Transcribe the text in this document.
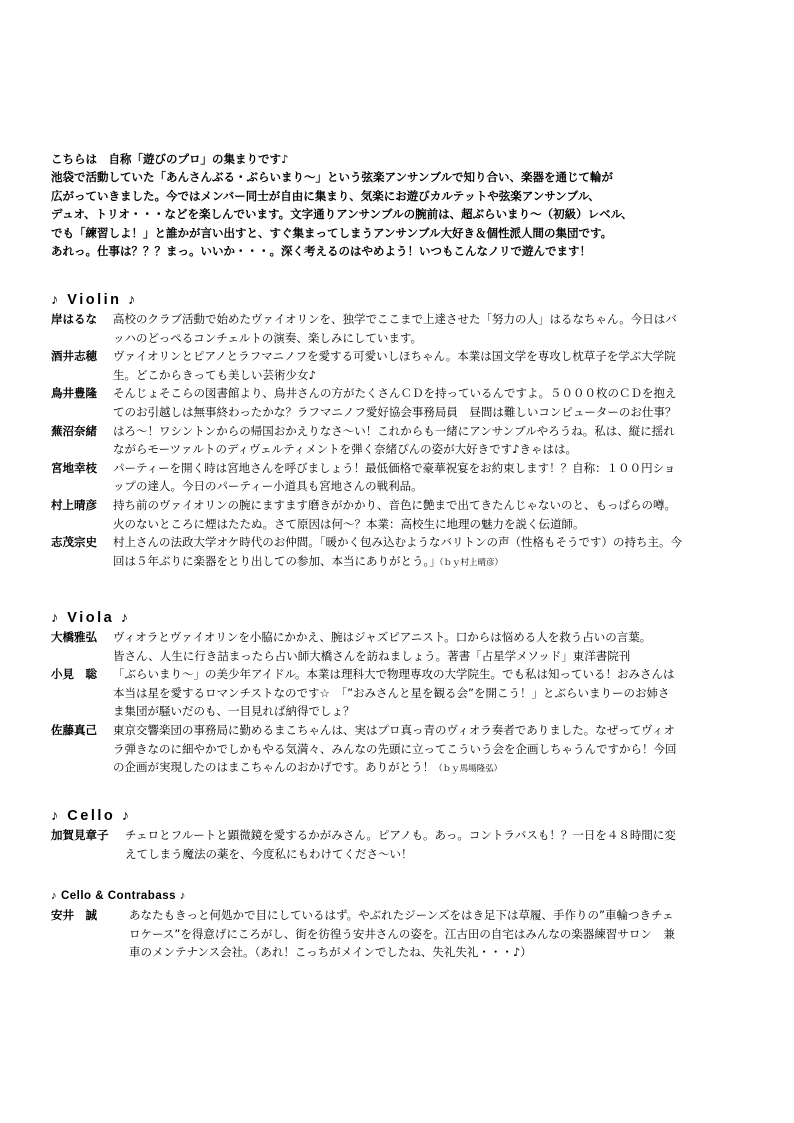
こちらは　自称「遊びのプロ」の集まりです♪
池袋で活動していた「あんさんぶる・ぶらいまり〜」という弦楽アンサンブルで知り合い、楽器を通じて輪が
広がっていきました。今ではメンバー同士が自由に集まり、気楽にお遊びカルテットや弦楽アンサンブル、
デュオ、トリオ・・・などを楽しんでいます。文字通りアンサンブルの腕前は、超ぶらいまり〜（初級）レベル、
でも「練習しよ！」と誰かが言い出すと、すぐ集まってしまうアンサンブル大好き＆個性派人間の集団です。
あれっ。仕事は？？？まっ。いいか・・・。深く考えるのはやめよう！いつもこんなノリで遊んでます！
♪ Violin ♪
岸はるな 高校のクラブ活動で始めたヴァイオリンを、独学でここまで上達させた「努力の人」はるなちゃん。今日はバ
ッハのどっぺるコンチェルトの演奏、楽しみにしています。
酒井志穂 ヴァイオリンとピアノとラフマニノフを愛する可愛いしほちゃん。本業は国文学を専攻し枕草子を学ぶ大学院
生。どこからきっても美しい芸術少女♪
鳥井豊隆 そんじょそこらの図書館より、鳥井さんの方がたくさんＣＤを持っているんですよ。５０００枚のＣＤを抱え
てのお引越しは無事終わったかな？ラフマニノフ愛好協会事務局員　昼間は難しいコンピューターのお仕事？
蕪沼奈緒 はろ〜！ワシントンからの帰国おかえりなさ〜い！これからも一緒にアンサンブルやろうね。私は、縦に揺れ
ながらモーツァルトのディヴェルティメントを弾く奈緒ぴんの姿が大好きです♪きゃはは。
宮地幸枝 パーティーを開く時は宮地さんを呼びましょう！最低価格で豪華祝宴をお約束します！？自称：１００円ショ
ップの達人。今日のパーティー小道具も宮地さんの戦利品。
村上晴彦 持ち前のヴァイオリンの腕にますます磨きがかかり、音色に艶まで出てきたんじゃないのと、もっぱらの噂。
火のないところに煙はたたぬ。さて原因は何〜？本業：高校生に地理の魅力を説く伝道師。
志茂宗史 村上さんの法政大学オケ時代のお仲間。｢暖かく包み込むようなバリトンの声（性格もそうです）の持ち主。今
回は５年ぶりに楽器をとり出しての参加、本当にありがとう。｣（ｂｙ村上晴彦）
♪ Viola ♪
大橋雅弘 ヴィオラとヴァイオリンを小脇にかかえ、腕はジャズピアニスト。口からは悩める人を救う占いの言葉。
皆さん、人生に行き詰まったら占い師大橋さんを訪ねましょう。著書「占星学メソッド」東洋書院刊
小見　聡 「ぶらいまり〜」の美少年アイドル。本業は理科大で物理専攻の大学院生。でも私は知っている！おみさんは
本当は星を愛するロマンチストなのです☆　「”おみさんと星を観る会”を開こう！」とぶらいまりーのお姉さ
ま集団が騒いだのも、一目見れば納得でしょ？
佐藤真己 東京交響楽団の事務局に勤めるまこちゃんは、実はプロ真っ青のヴィオラ奏者でありました。なぜってヴィオ
ラ弾きなのに細やかでしかもやる気満々、みんなの先頭に立ってこういう会を企画しちゃうんですから！今回
の企画が実現したのはまこちゃんのおかげです。ありがとう！（ｂｙ馬場隆弘）
♪ Cello ♪
加賀見章子 チェロとフルートと顕微鏡を愛するかがみさん。ピアノも。あっ。コントラバスも！？一日を４８時間に変
えてしまう魔法の薬を、今度私にもわけてくださ〜い！
♪ Cello & Contrabass ♪
安井　誠	あなたもきっと何処かで目にしているはず。やぶれたジーンズをはき足下は草履、手作りの”車輪つきチェ
ロケース”を得意げにころがし、街を彷徨う安井さんの姿を。江古田の自宅はみんなの楽器練習サロン　兼
車のメンテナンス会社。（あれ！こっちがメインでしたね、失礼失礼・・・♪）
